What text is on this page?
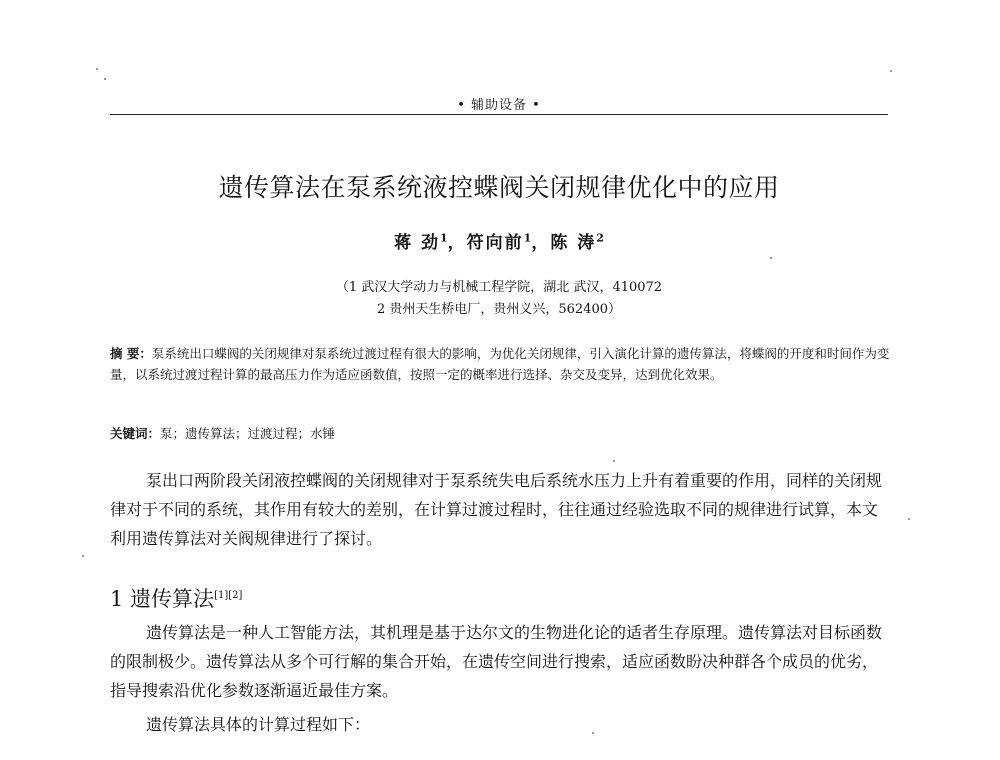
• 辅助设备 •
遗传算法在泵系统液控蝶阀关闭规律优化中的应用
蒋 劲$^1$，符向前$^1$，陈 涛$^2$
（1 武汉大学动力与机械工程学院，湖北 武汉，410072
2 贵州天生桥电厂，贵州义兴，562400）
摘 要：泵系统出口蝶阀的关闭规律对泵系统过渡过程有很大的影响，为优化关闭规律，引入演化计算的遗传算法，将蝶阀的开度和时间作为变量，以系统过渡过程计算的最高压力作为适应函数值，按照一定的概率进行选择、杂交及变异，达到优化效果。
关键词：泵；遗传算法；过渡过程；水锤
泵出口两阶段关闭液控蝶阀的关闭规律对于泵系统失电后系统水压力上升有着重要的作用，同样的关闭规律对于不同的系统，其作用有较大的差别，在计算过渡过程时，往往通过经验选取不同的规律进行试算，本文利用遗传算法对关阀规律进行了探讨。
1 遗传算法[1][2]
遗传算法是一种人工智能方法，其机理是基于达尔文的生物进化论的适者生存原理。遗传算法对目标函数的限制极少。遗传算法从多个可行解的集合开始，在遗传空间进行搜索，适应函数盼决种群各个成员的优劣，指导搜索沿优化参数逐渐逼近最佳方案。
遗传算法具体的计算过程如下：
